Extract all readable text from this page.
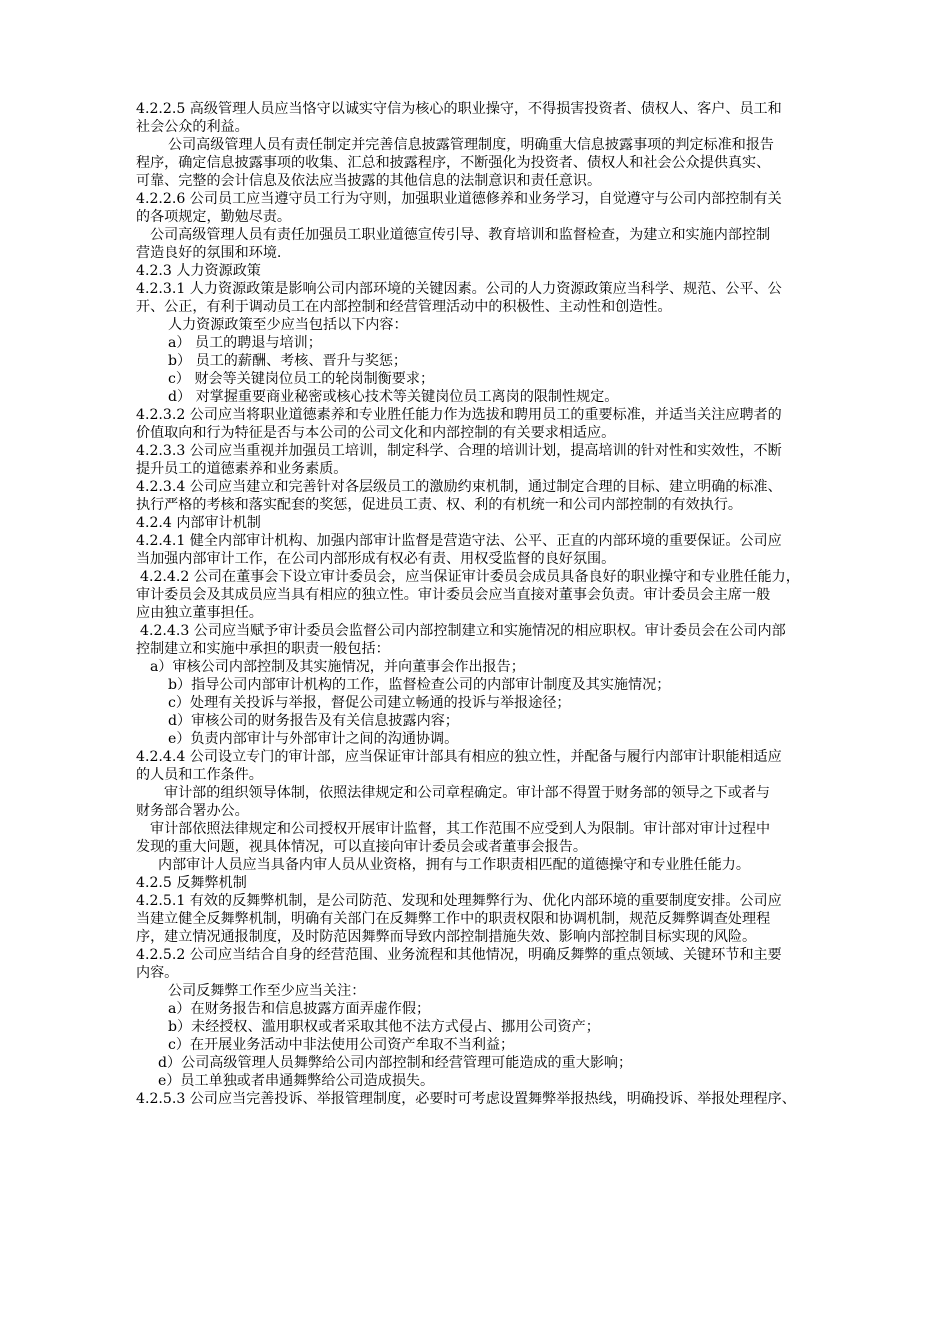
4.2.2.5 高级管理人员应当恪守以诚实守信为核心的职业操守，不得损害投资者、债权人、客户、员工和
社会公众的利益。
公司高级管理人员有责任制定并完善信息披露管理制度，明确重大信息披露事项的判定标准和报告
程序，确定信息披露事项的收集、汇总和披露程序，不断强化为投资者、债权人和社会公众提供真实、
可靠、完整的会计信息及依法应当披露的其他信息的法制意识和责任意识。
4.2.2.6 公司员工应当遵守员工行为守则，加强职业道德修养和业务学习，自觉遵守与公司内部控制有关
的各项规定，勤勉尽责。
公司高级管理人员有责任加强员工职业道德宣传引导、教育培训和监督检查，为建立和实施内部控制
营造良好的氛围和环境.
4.2.3 人力资源政策
4.2.3.1 人力资源政策是影响公司内部环境的关键因素。公司的人力资源政策应当科学、规范、公平、公
开、公正，有利于调动员工在内部控制和经营管理活动中的积极性、主动性和创造性。
人力资源政策至少应当包括以下内容：
a） 员工的聘退与培训；
b） 员工的薪酬、考核、晋升与奖惩；
c） 财会等关键岗位员工的轮岗制衡要求；
d） 对掌握重要商业秘密或核心技术等关键岗位员工离岗的限制性规定。
4.2.3.2 公司应当将职业道德素养和专业胜任能力作为选拔和聘用员工的重要标准，并适当关注应聘者的
价值取向和行为特征是否与本公司的公司文化和内部控制的有关要求相适应。
4.2.3.3 公司应当重视并加强员工培训，制定科学、合理的培训计划，提高培训的针对性和实效性，不断
提升员工的道德素养和业务素质。
4.2.3.4 公司应当建立和完善针对各层级员工的激励约束机制，通过制定合理的目标、建立明确的标准、
执行严格的考核和落实配套的奖惩，促进员工责、权、利的有机统一和公司内部控制的有效执行。
4.2.4 内部审计机制
4.2.4.1 健全内部审计机构、加强内部审计监督是营造守法、公平、正直的内部环境的重要保证。公司应
当加强内部审计工作，在公司内部形成有权必有责、用权受监督的良好氛围。
4.2.4.2 公司在董事会下设立审计委员会，应当保证审计委员会成员具备良好的职业操守和专业胜任能力，
审计委员会及其成员应当具有相应的独立性。审计委员会应当直接对董事会负责。审计委员会主席一般
应由独立董事担任。
4.2.4.3 公司应当赋予审计委员会监督公司内部控制建立和实施情况的相应职权。审计委员会在公司内部
控制建立和实施中承担的职责一般包括：
a）审核公司内部控制及其实施情况，并向董事会作出报告；
b）指导公司内部审计机构的工作，监督检查公司的内部审计制度及其实施情况；
c）处理有关投诉与举报，督促公司建立畅通的投诉与举报途径；
d）审核公司的财务报告及有关信息披露内容；
e）负责内部审计与外部审计之间的沟通协调。
4.2.4.4 公司设立专门的审计部，应当保证审计部具有相应的独立性，并配备与履行内部审计职能相适应
的人员和工作条件。
审计部的组织领导体制，依照法律规定和公司章程确定。审计部不得置于财务部的领导之下或者与
财务部合署办公。
审计部依照法律规定和公司授权开展审计监督，其工作范围不应受到人为限制。审计部对审计过程中
发现的重大问题，视具体情况，可以直接向审计委员会或者董事会报告。
内部审计人员应当具备内审人员从业资格，拥有与工作职责相匹配的道德操守和专业胜任能力。
4.2.5 反舞弊机制
4.2.5.1 有效的反舞弊机制，是公司防范、发现和处理舞弊行为、优化内部环境的重要制度安排。公司应
当建立健全反舞弊机制，明确有关部门在反舞弊工作中的职责权限和协调机制，规范反舞弊调查处理程
序，建立情况通报制度，及时防范因舞弊而导致内部控制措施失效、影响内部控制目标实现的风险。
4.2.5.2 公司应当结合自身的经营范围、业务流程和其他情况，明确反舞弊的重点领域、关键环节和主要
内容。
公司反舞弊工作至少应当关注：
a）在财务报告和信息披露方面弄虚作假；
b）未经授权、滥用职权或者采取其他不法方式侵占、挪用公司资产；
c）在开展业务活动中非法使用公司资产牟取不当利益；
d）公司高级管理人员舞弊给公司内部控制和经营管理可能造成的重大影响；
e）员工单独或者串通舞弊给公司造成损失。
4.2.5.3 公司应当完善投诉、举报管理制度，必要时可考虑设置舞弊举报热线，明确投诉、举报处理程序、
